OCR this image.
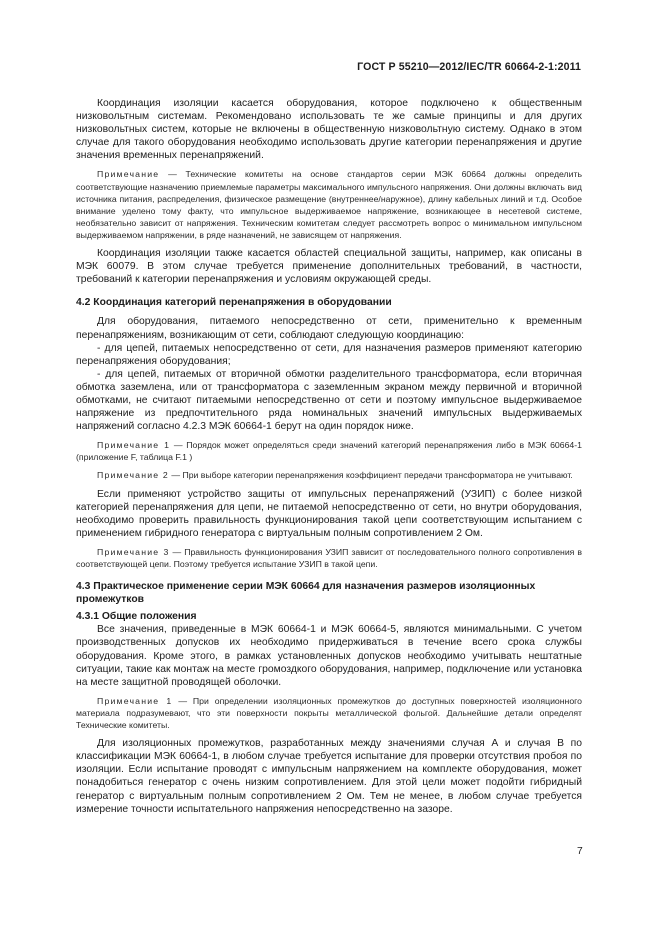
ГОСТ Р 55210—2012/IEC/TR 60664-2-1:2011

Координация изоляции касается оборудования, которое подключено к общественным низковольтным системам. Рекомендовано использовать те же самые принципы и для других низковольтных систем, которые не включены в общественную низковольтную систему. Однако в этом случае для такого оборудования необходимо использовать другие категории перенапряжения и другие значения временных перенапряжений.

Примечание — Технические комитеты на основе стандартов серии МЭК 60664 должны определить соответствующие назначению приемлемые параметры максимального импульсного напряжения. Они должны включать вид источника питания, распределения, физическое размещение (внутреннее/наружное), длину кабельных линий и т.д. Особое внимание уделено тому факту, что импульсное выдерживаемое напряжение, возникающее в несетевой системе, необязательно зависит от напряжения. Техническим комитетам следует рассмотреть вопрос о минимальном импульсном выдерживаемом напряжении, в ряде назначений, не зависящем от напряжения.

Координация изоляции также касается областей специальной защиты, например, как описаны в МЭК 60079. В этом случае требуется применение дополнительных требований, в частности, требований к категории перенапряжения и условиям окружающей среды.

4.2 Координация категорий перенапряжения в оборудовании

Для оборудования, питаемого непосредственно от сети, применительно к временным перенапряжениям, возникающим от сети, соблюдают следующую координацию:

- для цепей, питаемых непосредственно от сети, для назначения размеров применяют категорию перенапряжения оборудования;

- для цепей, питаемых от вторичной обмотки разделительного трансформатора, если вторичная обмотка заземлена, или от трансформатора с заземленным экраном между первичной и вторичной обмотками, не считают питаемыми непосредственно от сети и поэтому импульсное выдерживаемое напряжение из предпочтительного ряда номинальных значений импульсных выдерживаемых напряжений согласно 4.2.3 МЭК 60664-1 берут на один порядок ниже.

Примечание 1 — Порядок может определяться среди значений категорий перенапряжения либо в МЭК 60664-1 (приложение F, таблица F.1 )

Примечание 2 — При выборе категории перенапряжения коэффициент передачи трансформатора не учитывают.

Если применяют устройство защиты от импульсных перенапряжений (УЗИП) с более низкой категорией перенапряжения для цепи, не питаемой непосредственно от сети, но внутри оборудования, необходимо проверить правильность функционирования такой цепи соответствующим испытанием с применением гибридного генератора с виртуальным полным сопротивлением 2 Ом.

Примечание 3 — Правильность функционирования УЗИП зависит от последовательного полного сопротивления в соответствующей цепи. Поэтому требуется испытание УЗИП в такой цепи.

4.3 Практическое применение серии МЭК 60664 для назначения размеров изоляционных промежутков

4.3.1 Общие положения

Все значения, приведенные в МЭК 60664-1 и МЭК 60664-5, являются минимальными. С учетом производственных допусков их необходимо придерживаться в течение всего срока службы оборудования. Кроме этого, в рамках установленных допусков необходимо учитывать нештатные ситуации, такие как монтаж на месте громоздкого оборудования, например, подключение или установка на месте защитной проводящей оболочки.

Примечание 1 — При определении изоляционных промежутков до доступных поверхностей изоляционного материала подразумевают, что эти поверхности покрыты металлической фольгой. Дальнейшие детали определят Технические комитеты.

Для изоляционных промежутков, разработанных между значениями случая А и случая В по классификации МЭК 60664-1, в любом случае требуется испытание для проверки отсутствия пробоя по изоляции. Если испытание проводят с импульсным напряжением на комплекте оборудования, может понадобиться генератор с очень низким сопротивлением. Для этой цели может подойти гибридный генератор с виртуальным полным сопротивлением 2 Ом. Тем не менее, в любом случае требуется измерение точности испытательного напряжения непосредственно на зазоре.

7
